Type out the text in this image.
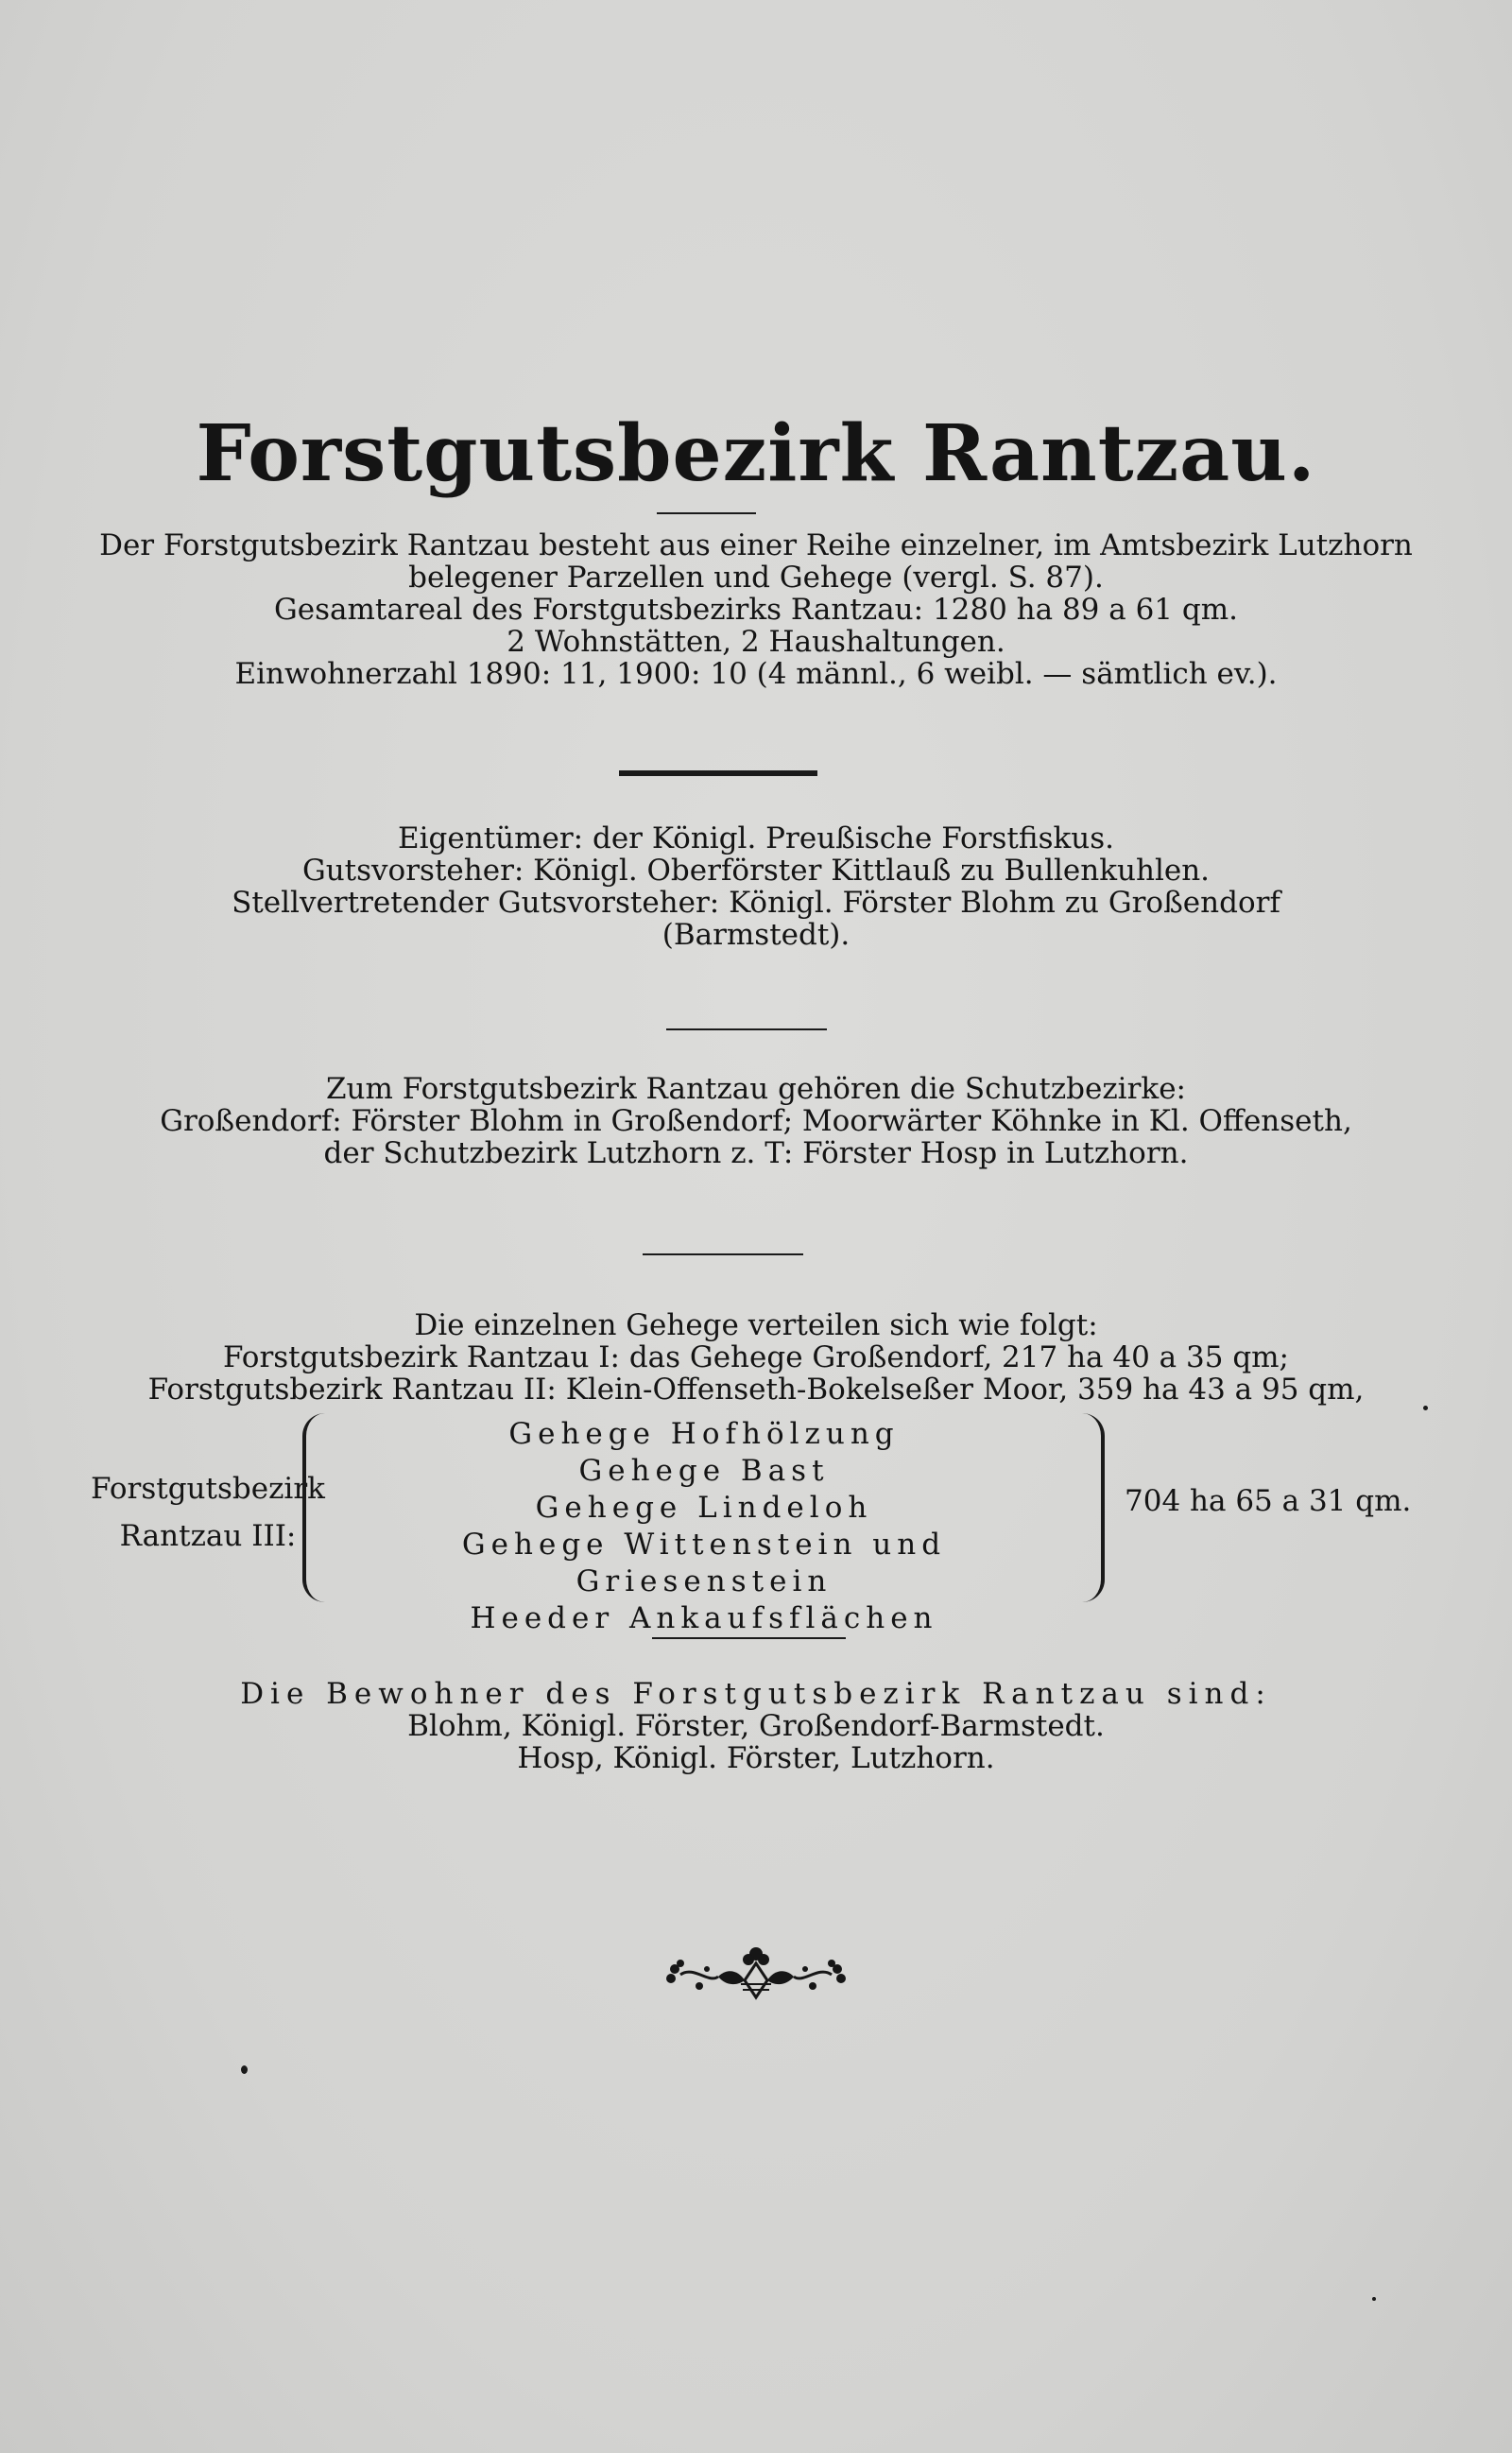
Forstgutsbezirk Rantzau.
Der Forstgutsbezirk Rantzau besteht aus einer Reihe einzelner, im Amtsbezirk Lutzhorn
belegener Parzellen und Gehege (vergl. S. 87).
Gesamtareal des Forstgutsbezirks Rantzau: 1280 ha 89 a 61 qm.
2 Wohnstätten, 2 Haushaltungen.
Einwohnerzahl 1890: 11, 1900: 10 (4 männl., 6 weibl. — sämtlich ev.).
Eigentümer: der Königl. Preußische Forstfiskus.
Gutsvorsteher: Königl. Oberförster Kittlauß zu Bullenkuhlen.
Stellvertretender Gutsvorsteher: Königl. Förster Blohm zu Großendorf
(Barmstedt).
Zum Forstgutsbezirk Rantzau gehören die Schutzbezirke:
Großendorf: Förster Blohm in Großendorf; Moorwärter Köhnke in Kl. Offenseth,
der Schutzbezirk Lutzhorn z. T: Förster Hosp in Lutzhorn.
Die einzelnen Gehege verteilen sich wie folgt:
Forstgutsbezirk Rantzau I: das Gehege Großendorf, 217 ha 40 a 35 qm;
Forstgutsbezirk Rantzau II: Klein-Offenseth-Bokelseßer Moor, 359 ha 43 a 95 qm,
Forstgutsbezirk
Rantzau III:
Gehege Hofhölzung
Gehege Bast
Gehege Lindeloh
Gehege Wittenstein und Griesenstein
Heeder Ankaufsflächen
704 ha 65 a 31 qm.
Die Bewohner des Forstgutsbezirk Rantzau sind:
Blohm, Königl. Förster, Großendorf-Barmstedt.
Hosp, Königl. Förster, Lutzhorn.
